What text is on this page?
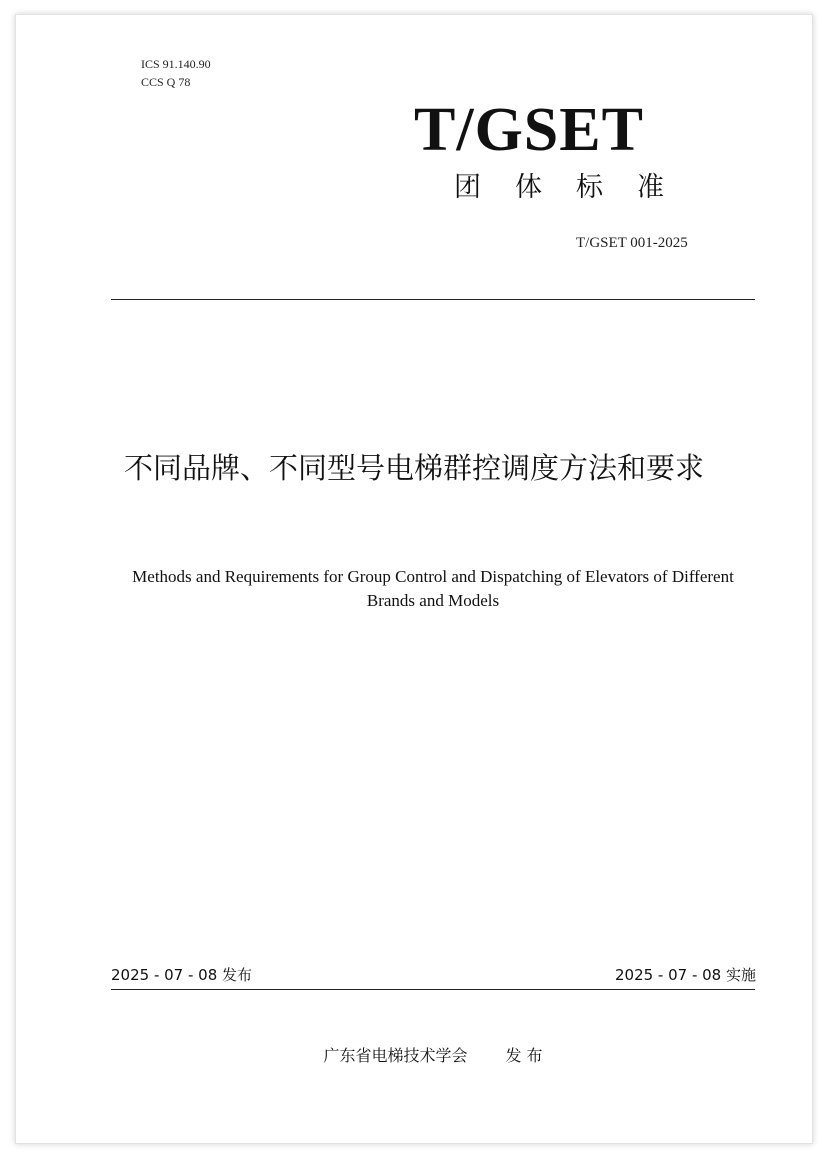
ICS 91.140.90
CCS Q 78
T/GSET
团体标准
T/GSET 001-2025
不同品牌、不同型号电梯群控调度方法和要求
Methods and Requirements for Group Control and Dispatching of Elevators of Different Brands and Models
2025 - 07 - 08 发布	2025 - 07 - 08 实施
广东省电梯技术学会 发 布
